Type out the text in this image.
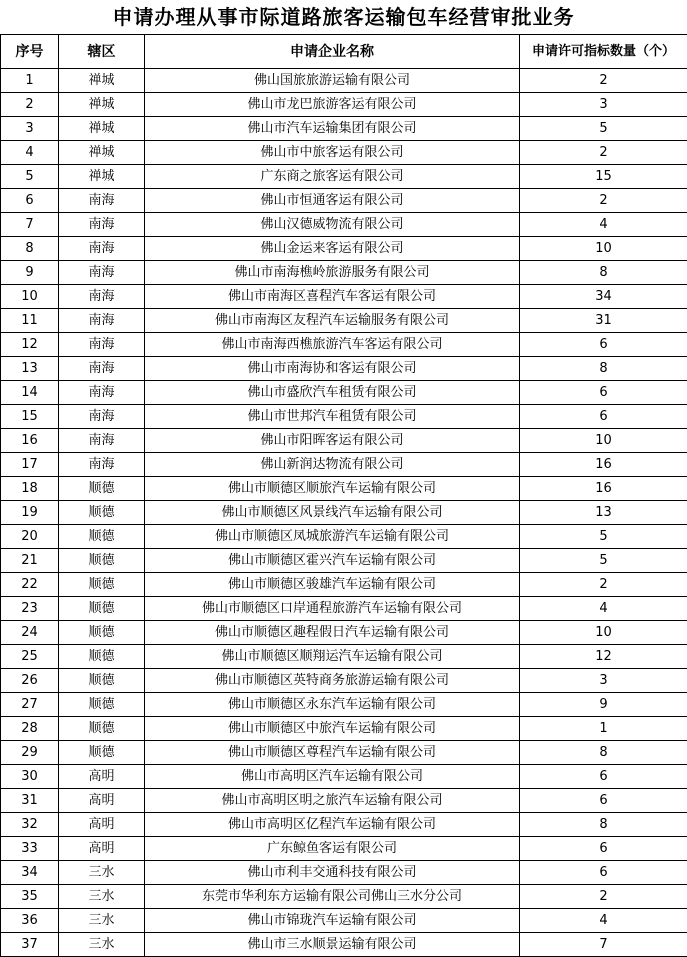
申请办理从事市际道路旅客运输包车经营审批业务
序号	辖区	申请企业名称	申请许可指标数量（个）
1	禅城	佛山国旅旅游运输有限公司	2
2	禅城	佛山市龙巴旅游客运有限公司	3
3	禅城	佛山市汽车运输集团有限公司	5
4	禅城	佛山市中旅客运有限公司	2
5	禅城	广东商之旅客运有限公司	15
6	南海	佛山市恒通客运有限公司	2
7	南海	佛山汉德威物流有限公司	4
8	南海	佛山金运来客运有限公司	10
9	南海	佛山市南海樵岭旅游服务有限公司	8
10	南海	佛山市南海区喜程汽车客运有限公司	34
11	南海	佛山市南海区友程汽车运输服务有限公司	31
12	南海	佛山市南海西樵旅游汽车客运有限公司	6
13	南海	佛山市南海协和客运有限公司	8
14	南海	佛山市盛欣汽车租赁有限公司	6
15	南海	佛山市世邦汽车租赁有限公司	6
16	南海	佛山市阳晖客运有限公司	10
17	南海	佛山新润达物流有限公司	16
18	顺德	佛山市顺德区顺旅汽车运输有限公司	16
19	顺德	佛山市顺德区风景线汽车运输有限公司	13
20	顺德	佛山市顺德区凤城旅游汽车运输有限公司	5
21	顺德	佛山市顺德区霍兴汽车运输有限公司	5
22	顺德	佛山市顺德区骏雄汽车运输有限公司	2
23	顺德	佛山市顺德区口岸通程旅游汽车运输有限公司	4
24	顺德	佛山市顺德区趣程假日汽车运输有限公司	10
25	顺德	佛山市顺德区顺翔运汽车运输有限公司	12
26	顺德	佛山市顺德区英特商务旅游运输有限公司	3
27	顺德	佛山市顺德区永东汽车运输有限公司	9
28	顺德	佛山市顺德区中旅汽车运输有限公司	1
29	顺德	佛山市顺德区尊程汽车运输有限公司	8
30	高明	佛山市高明区汽车运输有限公司	6
31	高明	佛山市高明区明之旅汽车运输有限公司	6
32	高明	佛山市高明区亿程汽车运输有限公司	8
33	高明	广东鲸鱼客运有限公司	6
34	三水	佛山市利丰交通科技有限公司	6
35	三水	东莞市华利东方运输有限公司佛山三水分公司	2
36	三水	佛山市锦珑汽车运输有限公司	4
37	三水	佛山市三水顺景运输有限公司	7
